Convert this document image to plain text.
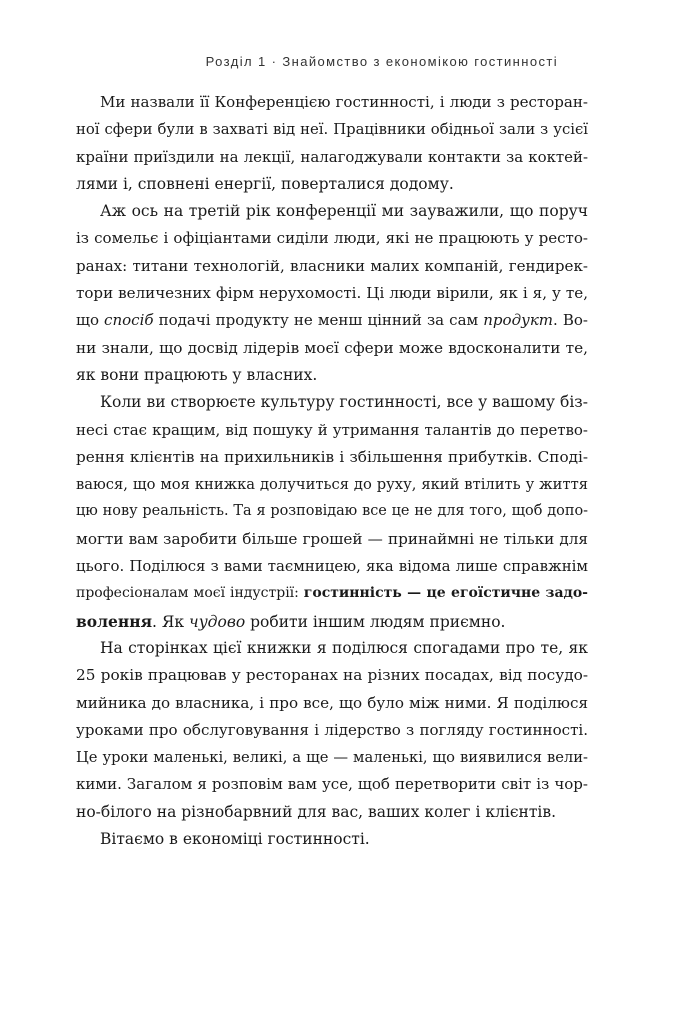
Розділ 1 · Знайомство з економікою гостинності
Ми назвали її Конференцією гостинності, і люди з ресторан-
ної сфери були в захваті від неї. Працівники обідньої зали з усієї
країни приїздили на лекції, налагоджували контакти за коктей-
лями і, сповнені енергії, поверталися додому.
Аж ось на третій рік конференції ми зауважили, що поруч
із сомельє і офіціантами сиділи люди, які не працюють у ресто-
ранах: титани технологій, власники малих компаній, гендирек-
тори величезних фірм нерухомості. Ці люди вірили, як і я, у те,
що спосіб подачі продукту не менш цінний за сам продукт. Во-
ни знали, що досвід лідерів моєї сфери може вдосконалити те,
як вони працюють у власних.
Коли ви створюєте культуру гостинності, все у вашому біз-
несі стає кращим, від пошуку й утримання талантів до перетво-
рення клієнтів на прихильників і збільшення прибутків. Сподi-
ваюся, що моя книжка долучиться до руху, який втілить у життя
цю нову реальність. Та я розповідаю все це не для того, щоб допо-
могти вам заробити більше грошей — принаймні не тільки для
цього. Поділюся з вами таємницею, яка відома лише справжнім
професіоналам моєї індустрії: гостинність — це егоїстичне задо-
волення. Як чудово робити іншим людям приємно.
На сторінках цієї книжки я поділюся спогадами про те, як
25 років працював у ресторанах на різних посадах, від посудо-
мийника до власника, і про все, що було між ними. Я поділюся
уроками про обслуговування і лідерство з погляду гостинності.
Це уроки маленькі, великі, а ще — маленькі, що виявилися вели-
кими. Загалом я розповім вам усе, щоб перетворити світ із чор-
но-білого на різнобарвний для вас, ваших колег і клієнтів.
Вітаємо в економіці гостинності.
